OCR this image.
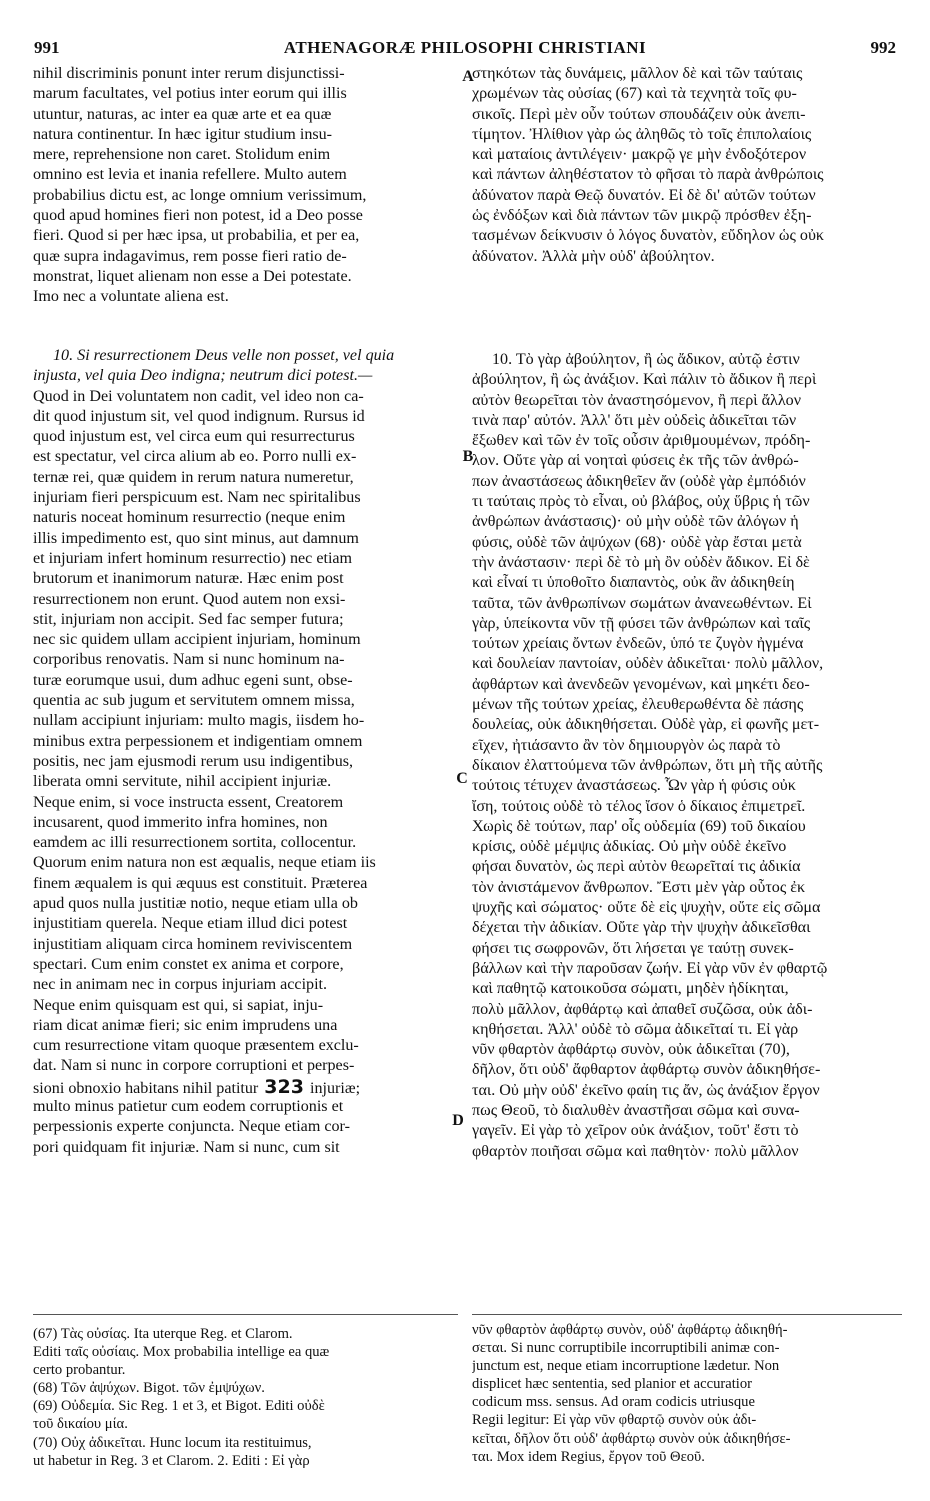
991	ATHENAGORÆ PHILOSOPHI CHRISTIANI	992
A
B
C
D
nihil discriminis ponunt inter rerum disjunctissi-
marum facultates, vel potius inter eorum qui illis
utuntur, naturas, ac inter ea quæ arte et ea quæ
natura continentur. In hæc igitur studium insu-
mere, reprehensione non caret. Stolidum enim
omnino est levia et inania refellere. Multo autem
probabilius dictu est, ac longe omnium verissimum,
quod apud homines fieri non potest, id a Deo posse
fieri. Quod si per hæc ipsa, ut probabilia, et per ea,
quæ supra indagavimus, rem posse fieri ratio de-
monstrat, liquet alienam non esse a Dei potestate.
Imo nec a voluntate aliena est.
10. Si resurrectionem Deus velle non posset, vel quia
injusta, vel quia Deo indigna; neutrum dici potest.—
Quod in Dei voluntatem non cadit, vel ideo non ca-
dit quod injustum sit, vel quod indignum. Rursus id
quod injustum est, vel circa eum qui resurrecturus
est spectatur, vel circa alium ab eo. Porro nulli ex-
ternæ rei, quæ quidem in rerum natura numeretur,
injuriam fieri perspicuum est. Nam nec spiritalibus
naturis noceat hominum resurrectio (neque enim
illis impedimento est, quo sint minus, aut damnum
et injuriam infert hominum resurrectio) nec etiam
brutorum et inanimorum naturæ. Hæc enim post
resurrectionem non erunt. Quod autem non exsi-
stit, injuriam non accipit. Sed fac semper futura;
nec sic quidem ullam accipient injuriam, hominum
corporibus renovatis. Nam si nunc hominum na-
turæ eorumque usui, dum adhuc egeni sunt, obse-
quentia ac sub jugum et servitutem omnem missa,
nullam accipiunt injuriam: multo magis, iisdem ho-
minibus extra perpessionem et indigentiam omnem
positis, nec jam ejusmodi rerum usu indigentibus,
liberata omni servitute, nihil accipient injuriæ.
Neque enim, si voce instructa essent, Creatorem
incusarent, quod immerito infra homines, non
eamdem ac illi resurrectionem sortita, collocentur.
Quorum enim natura non est æqualis, neque etiam iis
finem æqualem is qui æquus est constituit. Præterea
apud quos nulla justitiæ notio, neque etiam ulla ob
injustitiam querela. Neque etiam illud dici potest
injustitiam aliquam circa hominem reviviscentem
spectari. Cum enim constet ex anima et corpore,
nec in animam nec in corpus injuriam accipit.
Neque enim quisquam est qui, si sapiat, inju-
riam dicat animæ fieri; sic enim imprudens una
cum resurrectione vitam quoque præsentem exclu-
dat. Nam si nunc in corpore corruptioni et perpes-
sioni obnoxio habitans nihil patitur 323 injuriæ;
multo minus patietur cum eodem corruptionis et
perpessionis experte conjuncta. Neque etiam cor-
pori quidquam fit injuriæ. Nam si nunc, cum sit
στηκότων τὰς δυνάμεις, μᾶλλον δὲ καὶ τῶν ταύταις
χρωμένων τὰς οὐσίας (67) καὶ τὰ τεχνητὰ τοῖς φυ-
σικοῖς. Περὶ μὲν οὖν τούτων σπουδάζειν οὐκ ἀνεπι-
τίμητον. Ἠλίθιον γὰρ ὡς ἀληθῶς τὸ τοῖς ἐπιπολαίοις
καὶ ματαίοις ἀντιλέγειν· μακρῷ γε μὴν ἐνδοξότερον
καὶ πάντων ἀληθέστατον τὸ φῆσαι τὸ παρὰ ἀνθρώποις
ἀδύνατον παρὰ Θεῷ δυνατόν. Εἰ δὲ δι' αὐτῶν τούτων
ὡς ἐνδόξων καὶ διὰ πάντων τῶν μικρῷ πρόσθεν ἐξη-
τασμένων δείκνυσιν ὁ λόγος δυνατὸν, εὔδηλον ὡς οὐκ
ἀδύνατον. Ἀλλὰ μὴν οὐδ' ἀβούλητον.
10. Τὸ γὰρ ἀβούλητον, ἢ ὡς ἄδικον, αὐτῷ ἐστιν
ἀβούλητον, ἢ ὡς ἀνάξιον. Καὶ πάλιν τὸ ἄδικον ἢ περὶ
αὐτὸν θεωρεῖται τὸν ἀναστησόμενον, ἢ περὶ ἄλλον
τινὰ παρ' αὐτόν. Ἀλλ' ὅτι μὲν οὐδεὶς ἀδικεῖται τῶν
ἔξωθεν καὶ τῶν ἐν τοῖς οὖσιν ἀριθμουμένων, πρόδη-
λον. Οὔτε γὰρ αἱ νοηταὶ φύσεις ἐκ τῆς τῶν ἀνθρώ-
πων ἀναστάσεως ἀδικηθεῖεν ἄν (οὐδὲ γὰρ ἐμπόδιόν
τι ταύταις πρὸς τὸ εἶναι, οὐ βλάβος, οὐχ ὕβρις ἡ τῶν
ἀνθρώπων ἀνάστασις)· οὐ μὴν οὐδὲ τῶν ἀλόγων ἡ
φύσις, οὐδὲ τῶν ἀψύχων (68)· οὐδὲ γὰρ ἔσται μετὰ
τὴν ἀνάστασιν· περὶ δὲ τὸ μὴ ὂν οὐδὲν ἄδικον. Εἰ δὲ
καὶ εἶναί τι ὑποθοῖτο διαπαντὸς, οὐκ ἂν ἀδικηθείη
ταῦτα, τῶν ἀνθρωπίνων σωμάτων ἀνανεωθέντων. Εἰ
γὰρ, ὑπείκοντα νῦν τῇ φύσει τῶν ἀνθρώπων καὶ ταῖς
τούτων χρείαις ὄντων ἐνδεῶν, ὑπό τε ζυγὸν ἠγμένα
καὶ δουλείαν παντοίαν, οὐδὲν ἀδικεῖται· πολὺ μᾶλλον,
ἀφθάρτων καὶ ἀνενδεῶν γενομένων, καὶ μηκέτι δεο-
μένων τῆς τούτων χρείας, ἐλευθερωθέντα δὲ πάσης
δουλείας, οὐκ ἀδικηθήσεται. Οὐδὲ γὰρ, εἰ φωνῆς μετ-
εῖχεν, ἠτιάσαντο ἂν τὸν δημιουργὸν ὡς παρὰ τὸ
δίκαιον ἐλαττούμενα τῶν ἀνθρώπων, ὅτι μὴ τῆς αὐτῆς
τούτοις τέτυχεν ἀναστάσεως. Ὧν γὰρ ἡ φύσις οὐκ
ἴση, τούτοις οὐδὲ τὸ τέλος ἴσον ὁ δίκαιος ἐπιμετρεῖ.
Χωρὶς δὲ τούτων, παρ' οἷς οὐδεμία (69) τοῦ δικαίου
κρίσις, οὐδὲ μέμψις ἀδικίας. Οὐ μὴν οὐδὲ ἐκεῖνο
φήσαι δυνατὸν, ὡς περὶ αὐτὸν θεωρεῖταί τις ἀδικία
τὸν ἀνιστάμενον ἄνθρωπον. Ἔστι μὲν γὰρ οὗτος ἐκ
ψυχῆς καὶ σώματος· οὔτε δὲ εἰς ψυχὴν, οὔτε εἰς σῶμα
δέχεται τὴν ἀδικίαν. Οὔτε γὰρ τὴν ψυχὴν ἀδικεῖσθαι
φήσει τις σωφρονῶν, ὅτι λήσεται γε ταύτῃ συνεκ-
βάλλων καὶ τὴν παροῦσαν ζωήν. Εἰ γὰρ νῦν ἐν φθαρτῷ
καὶ παθητῷ κατοικοῦσα σώματι, μηδὲν ἠδίκηται,
πολὺ μᾶλλον, ἀφθάρτῳ καὶ ἀπαθεῖ συζῶσα, οὐκ ἀδι-
κηθήσεται. Ἀλλ' οὐδὲ τὸ σῶμα ἀδικεῖταί τι. Εἰ γὰρ
νῦν φθαρτὸν ἀφθάρτῳ συνὸν, οὐκ ἀδικεῖται (70),
δῆλον, ὅτι οὐδ' ἄφθαρτον ἀφθάρτῳ συνὸν ἀδικηθήσε-
ται. Οὐ μὴν οὐδ' ἐκεῖνο φαίη τις ἄν, ὡς ἀνάξιον ἔργον
πως Θεοῦ, τὸ διαλυθὲν ἀναστῆσαι σῶμα καὶ συνα-
γαγεῖν. Εἰ γὰρ τὸ χεῖρον οὐκ ἀνάξιον, τοῦτ' ἔστι τὸ
φθαρτὸν ποιῆσαι σῶμα καὶ παθητὸν· πολὺ μᾶλλον
(67) Τὰς οὐσίας. Ita uterque Reg. et Clarom.
Editi ταῖς οὐσίαις. Mox probabilia intellige ea quæ
certo probantur.
(68) Τῶν ἀψύχων. Bigot. τῶν ἐμψύχων.
(69) Οὐδεμία. Sic Reg. 1 et 3, et Bigot. Editi οὐδὲ
τοῦ δικαίου μία.
(70) Οὐχ ἀδικεῖται. Hunc locum ita restituimus,
ut habetur in Reg. 3 et Clarom. 2. Editi : Εἰ γὰρ
νῦν φθαρτὸν ἀφθάρτῳ συνὸν, οὐδ' ἀφθάρτῳ ἀδικηθή-
σεται. Si nunc corruptibile incorruptibili animæ con-
junctum est, neque etiam incorruptione lædetur. Non
displicet hæc sententia, sed planior et accuratior
codicum mss. sensus. Ad oram codicis utriusque
Regii legitur: Εἰ γὰρ νῦν φθαρτῷ συνὸν οὐκ ἀδι-
κεῖται, δῆλον ὅτι οὐδ' ἀφθάρτῳ συνὸν οὐκ ἀδικηθήσε-
ται. Mox idem Regius, ἔργον τοῦ Θεοῦ.
